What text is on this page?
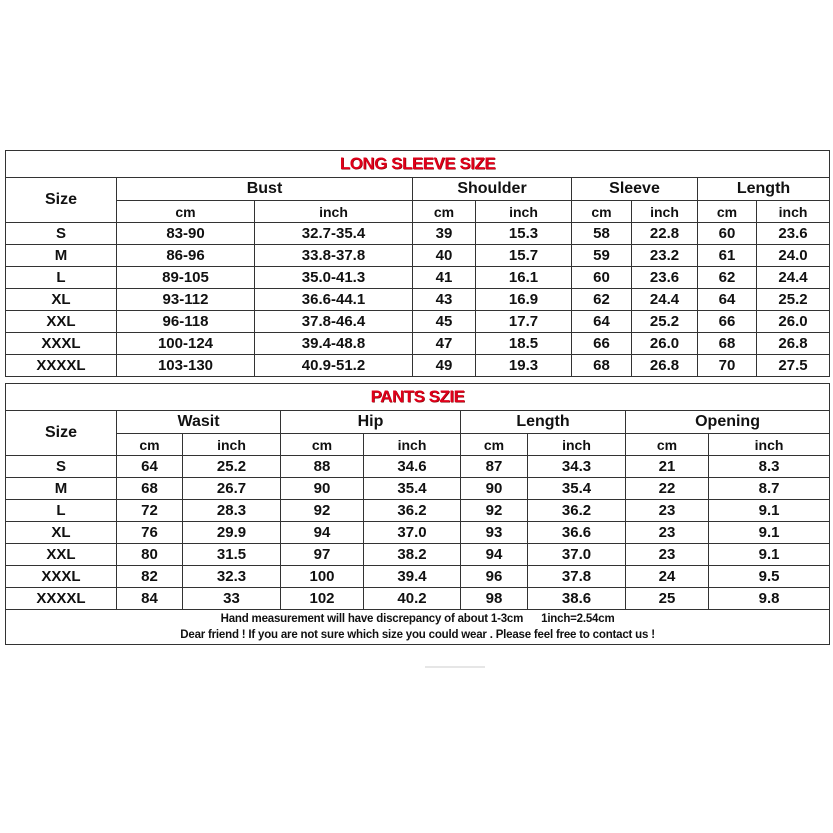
LONG SLEEVE SIZE								
Size	Bust		Shoulder		Sleeve		Length	
	cm	inch	cm	inch	cm	inch	cm	inch
S	83-90	32.7-35.4	39	15.3	58	22.8	60	23.6
M	86-96	33.8-37.8	40	15.7	59	23.2	61	24.0
L	89-105	35.0-41.3	41	16.1	60	23.6	62	24.4
XL	93-112	36.6-44.1	43	16.9	62	24.4	64	25.2
XXL	96-118	37.8-46.4	45	17.7	64	25.2	66	26.0
XXXL	100-124	39.4-48.8	47	18.5	66	26.0	68	26.8
XXXXL	103-130	40.9-51.2	49	19.3	68	26.8	70	27.5
PANTS SZIE								
Size	Wasit		Hip		Length		Opening	
	cm	inch	cm	inch	cm	inch	cm	inch
S	64	25.2	88	34.6	87	34.3	21	8.3
M	68	26.7	90	35.4	90	35.4	22	8.7
L	72	28.3	92	36.2	92	36.2	23	9.1
XL	76	29.9	94	37.0	93	36.6	23	9.1
XXL	80	31.5	97	38.2	94	37.0	23	9.1
XXXL	82	32.3	100	39.4	96	37.8	24	9.5
XXXXL	84	33	102	40.2	98	38.6	25	9.8

Hand measurement will have discrepancy of about 1-3cm      1inch=2.54cm
Dear friend ! If you are not sure which size you could wear . Please feel free to contact us !								
